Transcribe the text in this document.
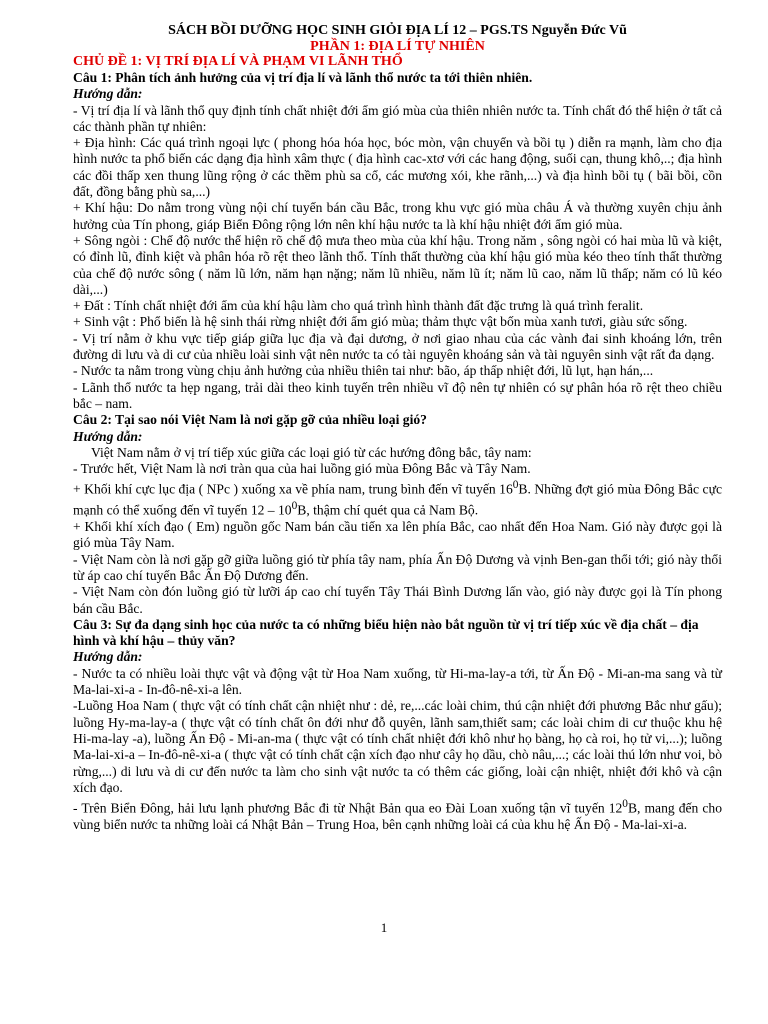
SÁCH BỒI DƯỠNG HỌC SINH GIỎI ĐỊA LÍ 12 – PGS.TS Nguyễn Đức Vũ
PHẦN 1: ĐỊA LÍ TỰ NHIÊN
CHỦ ĐỀ 1: VỊ TRÍ ĐỊA LÍ VÀ PHẠM VI LÃNH THỔ
Câu 1: Phân tích ảnh hưởng của vị trí địa lí và lãnh thổ nước ta tới thiên nhiên.
Hướng dẫn:
- Vị trí địa lí và lãnh thổ quy định tính chất nhiệt đới ẩm gió mùa của thiên nhiên nước ta. Tính chất đó thể hiện ở tất cả các thành phần tự nhiên:
+ Địa hình: Các quá trình ngoại lực ( phong hóa hóa học, bóc mòn, vận chuyển và bồi tụ ) diễn ra mạnh, làm cho địa hình nước ta phổ biến các dạng địa hình xâm thực ( địa hình cac-xtơ với các hang động, suối cạn, thung khô,..; địa hình các đồi thấp xen thung lũng rộng ở các thềm phù sa cổ, các mương xói, khe rãnh,...) và địa hình bồi tụ ( bãi bồi, cồn đất, đồng bằng phù sa,...)
+ Khí hậu: Do nằm trong vùng nội chí tuyến bán cầu Bắc, trong khu vực gió mùa châu Á và thường xuyên chịu ảnh hưởng của Tín phong, giáp Biển Đông rộng lớn nên khí hậu nước ta là khí hậu nhiệt đới ẩm gió mùa.
+ Sông ngòi : Chế độ nước thể hiện rõ chế độ mưa theo mùa của khí hậu. Trong năm , sông ngòi có hai mùa lũ và kiệt, có đỉnh lũ, đỉnh kiệt và phân hóa rõ rệt theo lãnh thổ. Tính thất thường của khí hậu gió mùa kéo theo tính thất thường của chế độ nước sông ( năm lũ lớn, năm hạn nặng; năm lũ nhiều, năm lũ ít; năm lũ cao, năm lũ thấp; năm có lũ kéo dài,...)
+ Đất : Tính chất nhiệt đới ẩm của khí hậu làm cho quá trình hình thành đất đặc trưng là quá trình feralit.
+ Sinh vật : Phổ biến là hệ sinh thái rừng nhiệt đới ẩm gió mùa; thảm thực vật bốn mùa xanh tươi, giàu sức sống.
- Vị trí nằm ở khu vực tiếp giáp giữa lục địa và đại dương, ở nơi giao nhau của các vành đai sinh khoáng lớn, trên đường di lưu và di cư của nhiều loài sinh vật nên nước ta có tài nguyên khoáng sản và tài nguyên sinh vật rất đa dạng.
- Nước ta nằm trong vùng chịu ảnh hưởng của nhiều thiên tai như: bão, áp thấp nhiệt đới, lũ lụt, hạn hán,...
- Lãnh thổ nước ta hẹp ngang, trải dài theo kinh tuyến trên nhiều vĩ độ nên tự nhiên có sự phân hóa rõ rệt theo chiều bắc – nam.
Câu 2: Tại sao nói Việt Nam là nơi gặp gỡ của nhiều loại gió?
Hướng dẫn:
Việt Nam nằm ở vị trí tiếp xúc giữa các loại gió từ các hướng đông bắc, tây nam:
- Trước hết, Việt Nam là nơi tràn qua của hai luồng gió mùa Đông Bắc và Tây Nam.
+ Khối khí cực lục địa ( NPc ) xuống xa về phía nam, trung bình đến vĩ tuyến $16^0B$. Những đợt gió mùa Đông Bắc cực mạnh có thể xuống đến vĩ tuyến $12 - 10^0B$, thậm chí quét qua cả Nam Bộ.
+ Khối khí xích đạo ( Em) nguồn gốc Nam bán cầu tiến xa lên phía Bắc, cao nhất đến Hoa Nam. Gió này được gọi là gió mùa Tây Nam.
- Việt Nam còn là nơi gặp gỡ giữa luồng gió từ phía tây nam, phía Ấn Độ Dương và vịnh Ben-gan thổi tới; gió này thổi từ áp cao chí tuyến Bắc Ấn Độ Dương đến.
- Việt Nam còn đón luồng gió từ lưỡi áp cao chí tuyến Tây Thái Bình Dương lấn vào, gió này được gọi là Tín phong bán cầu Bắc.
Câu 3: Sự đa dạng sinh học của nước ta có những biểu hiện nào bắt nguồn từ vị trí tiếp xúc về địa chất – địa hình và khí hậu – thủy văn?
Hướng dẫn:
- Nước ta có nhiều loài thực vật và động vật từ Hoa Nam xuống, từ Hi-ma-lay-a tới, từ Ấn Độ - Mi-an-ma sang và từ Ma-lai-xi-a - In-đô-nê-xi-a lên.
-Luồng Hoa Nam ( thực vật có tính chất cận nhiệt như : dẻ, re,...các loài chim, thú cận nhiệt đới phương Bắc như gấu); luồng Hy-ma-lay-a ( thực vật có tính chất ôn đới như đỗ quyên, lãnh sam,thiết sam; các loài chim di cư thuộc khu hệ Hi-ma-lay -a), luồng Ấn Độ - Mi-an-ma ( thực vật có tính chất nhiệt đới khô như họ bàng, họ cà roi, họ tử vi,...); luồng Ma-lai-xi-a – In-đô-nê-xi-a ( thực vật có tính chất cận xích đạo như cây họ dầu, chò nâu,...; các loài thú lớn như voi, bò rừng,...) di lưu và di cư đến nước ta làm cho sinh vật nước ta có thêm các giống, loài cận nhiệt, nhiệt đới khô và cận xích đạo.
- Trên Biển Đông, hải lưu lạnh phương Bắc đi từ Nhật Bản qua eo Đài Loan xuống tận vĩ tuyến $12^0B$, mang đến cho vùng biển nước ta những loài cá Nhật Bản – Trung Hoa, bên cạnh những loài cá của khu hệ Ấn Độ - Ma-lai-xi-a.
1
